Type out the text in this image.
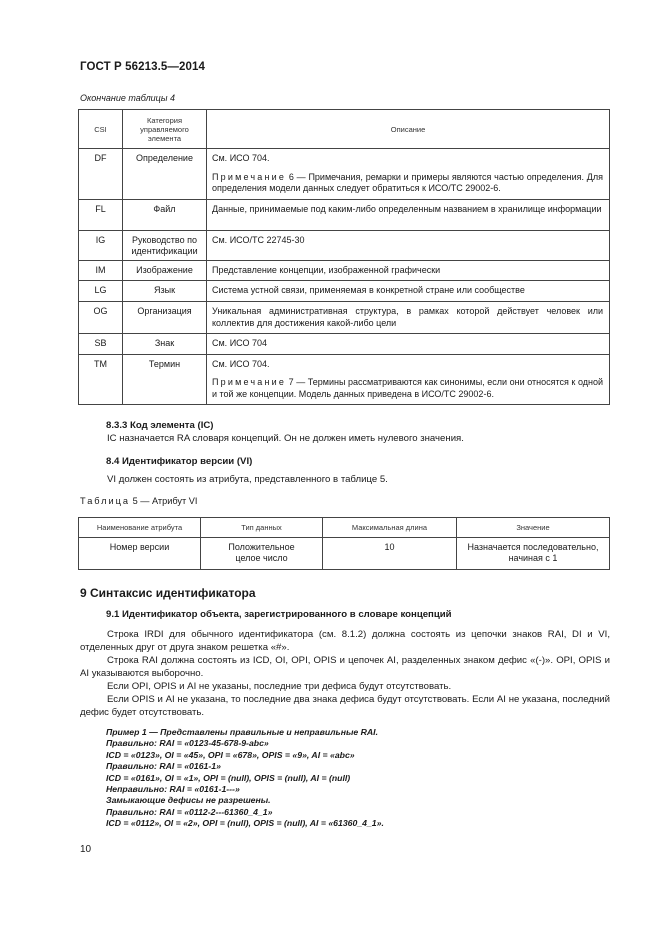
ГОСТ Р 56213.5—2014
Окончание таблицы 4
CSI	Категория управляемого элемента	Описание
DF	Определение	См. ИСО 704.
Примечание 6 — Примечания, ремарки и примеры являются частью определения. Для определения модели данных следует обратиться к ИСО/ТС 29002-6.

FL	Файл	Данные, принимаемые под каким-либо определенным названием в хранилище информации
IG	Руководство по идентификации	См. ИСО/ТС 22745-30
IM	Изображение	Представление концепции, изображенной графически
LG	Язык	Система устной связи, применяемая в конкретной стране или сообществе
OG	Организация	Уникальная административная структура, в рамках которой действует человек или коллектив для достижения какой-либо цели
SB	Знак	См. ИСО 704
TM	Термин	См. ИСО 704.
Примечание 7 — Термины рассматриваются как синонимы, если они относятся к одной и той же концепции. Модель данных приведена в ИСО/ТС 29002-6.
8.3.3 Код элемента (IC)
IC назначается RA словаря концепций. Он не должен иметь нулевого значения.
8.4 Идентификатор версии (VI)
VI должен состоять из атрибута, представленного в таблице 5.
Таблица 5 — Атрибут VI
Наименование атрибута	Тип данных	Максимальная длина	Значение
Номер версии	Положительное целое число	10	Назначается последовательно, начиная с 1
9 Синтаксис идентификатора
9.1 Идентификатор объекта, зарегистрированного в словаре концепций
Строка IRDI для обычного идентификатора (см. 8.1.2) должна состоять из цепочки знаков RAI, DI и VI, отделенных друг от друга знаком решетка «#».
Строка RAI должна состоять из ICD, OI, OPI, OPIS и цепочек AI, разделенных знаком дефис «(-)». OPI, OPIS и AI указываются выборочно.
Если OPI, OPIS и AI не указаны, последние три дефиса будут отсутствовать.
Если OPIS и AI не указана, то последние два знака дефиса будут отсутствовать. Если AI не указана, последний дефис будет отсутствовать.
Пример 1 — Представлены правильные и неправильные RAI.
Правильно: RAI = «0123-45-678-9-abc»
ICD = «0123», OI = «45», OPI = «678», OPIS = «9», AI = «abc»
Правильно: RAI = «0161-1»
ICD = «0161», OI = «1», OPI = (null), OPIS = (null), AI = (null)
Неправильно: RAI = «0161-1---»
Замыкающие дефисы не разрешены.
Правильно: RAI = «0112-2---61360_4_1»
ICD = «0112», OI = «2», OPI = (null), OPIS = (null), AI = «61360_4_1».
10
